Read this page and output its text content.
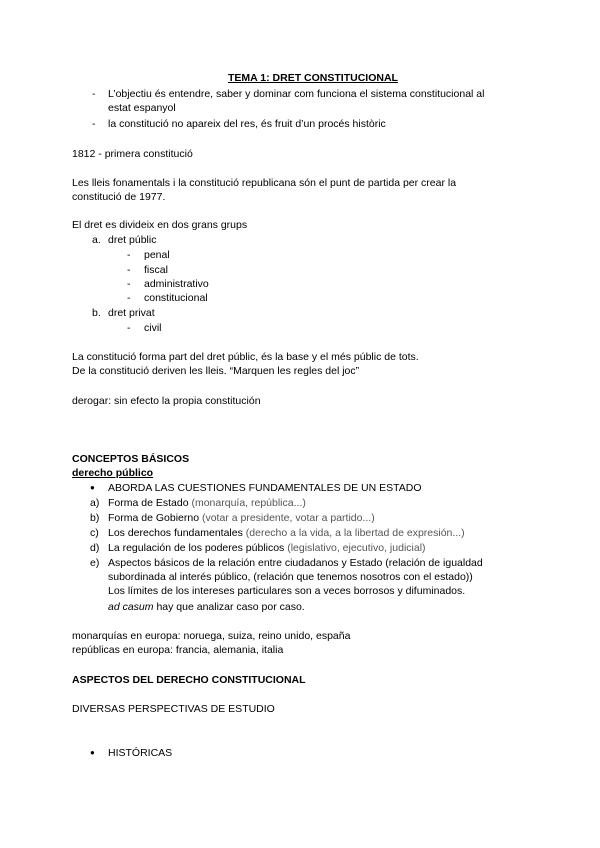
TEMA 1: DRET CONSTITUCIONAL
- L’objectiu és entendre, saber y dominar com funciona el sistema constitucional al
estat espanyol
- la constitució no apareix del res, és fruit d’un procés històric
1812 - primera constitució
Les lleis fonamentals i la constitució republicana són el punt de partida per crear la
constitució de 1977.
El dret es divideix en dos grans grups
a. dret públic
- penal
- fiscal
- administrativo
- constitucional
b. dret privat
- civil
La constitució forma part del dret públic, és la base y el més públic de tots.
De la constitució deriven les lleis. “Marquen les regles del joc”
derogar: sin efecto la propia constitución
CONCEPTOS BÁSICOS
derecho público
● ABORDA LAS CUESTIONES FUNDAMENTALES DE UN ESTADO
a) Forma de Estado (monarquía, república...)
b) Forma de Gobierno (votar a presidente, votar a partido...)
c) Los derechos fundamentales (derecho a la vida, a la libertad de expresión...)
d) La regulación de los poderes públicos (legislativo, ejecutivo, judicial)
e) Aspectos básicos de la relación entre ciudadanos y Estado (relación de igualdad
subordinada al interés público, (relación que tenemos nosotros con el estado))
Los límites de los intereses particulares son a veces borrosos y difuminados.
ad casum hay que analizar caso por caso.
monarquías en europa: noruega, suiza, reino unido, españa
repúblicas en europa: francia, alemania, italia
ASPECTOS DEL DERECHO CONSTITUCIONAL
DIVERSAS PERSPECTIVAS DE ESTUDIO
● HISTÓRICAS
